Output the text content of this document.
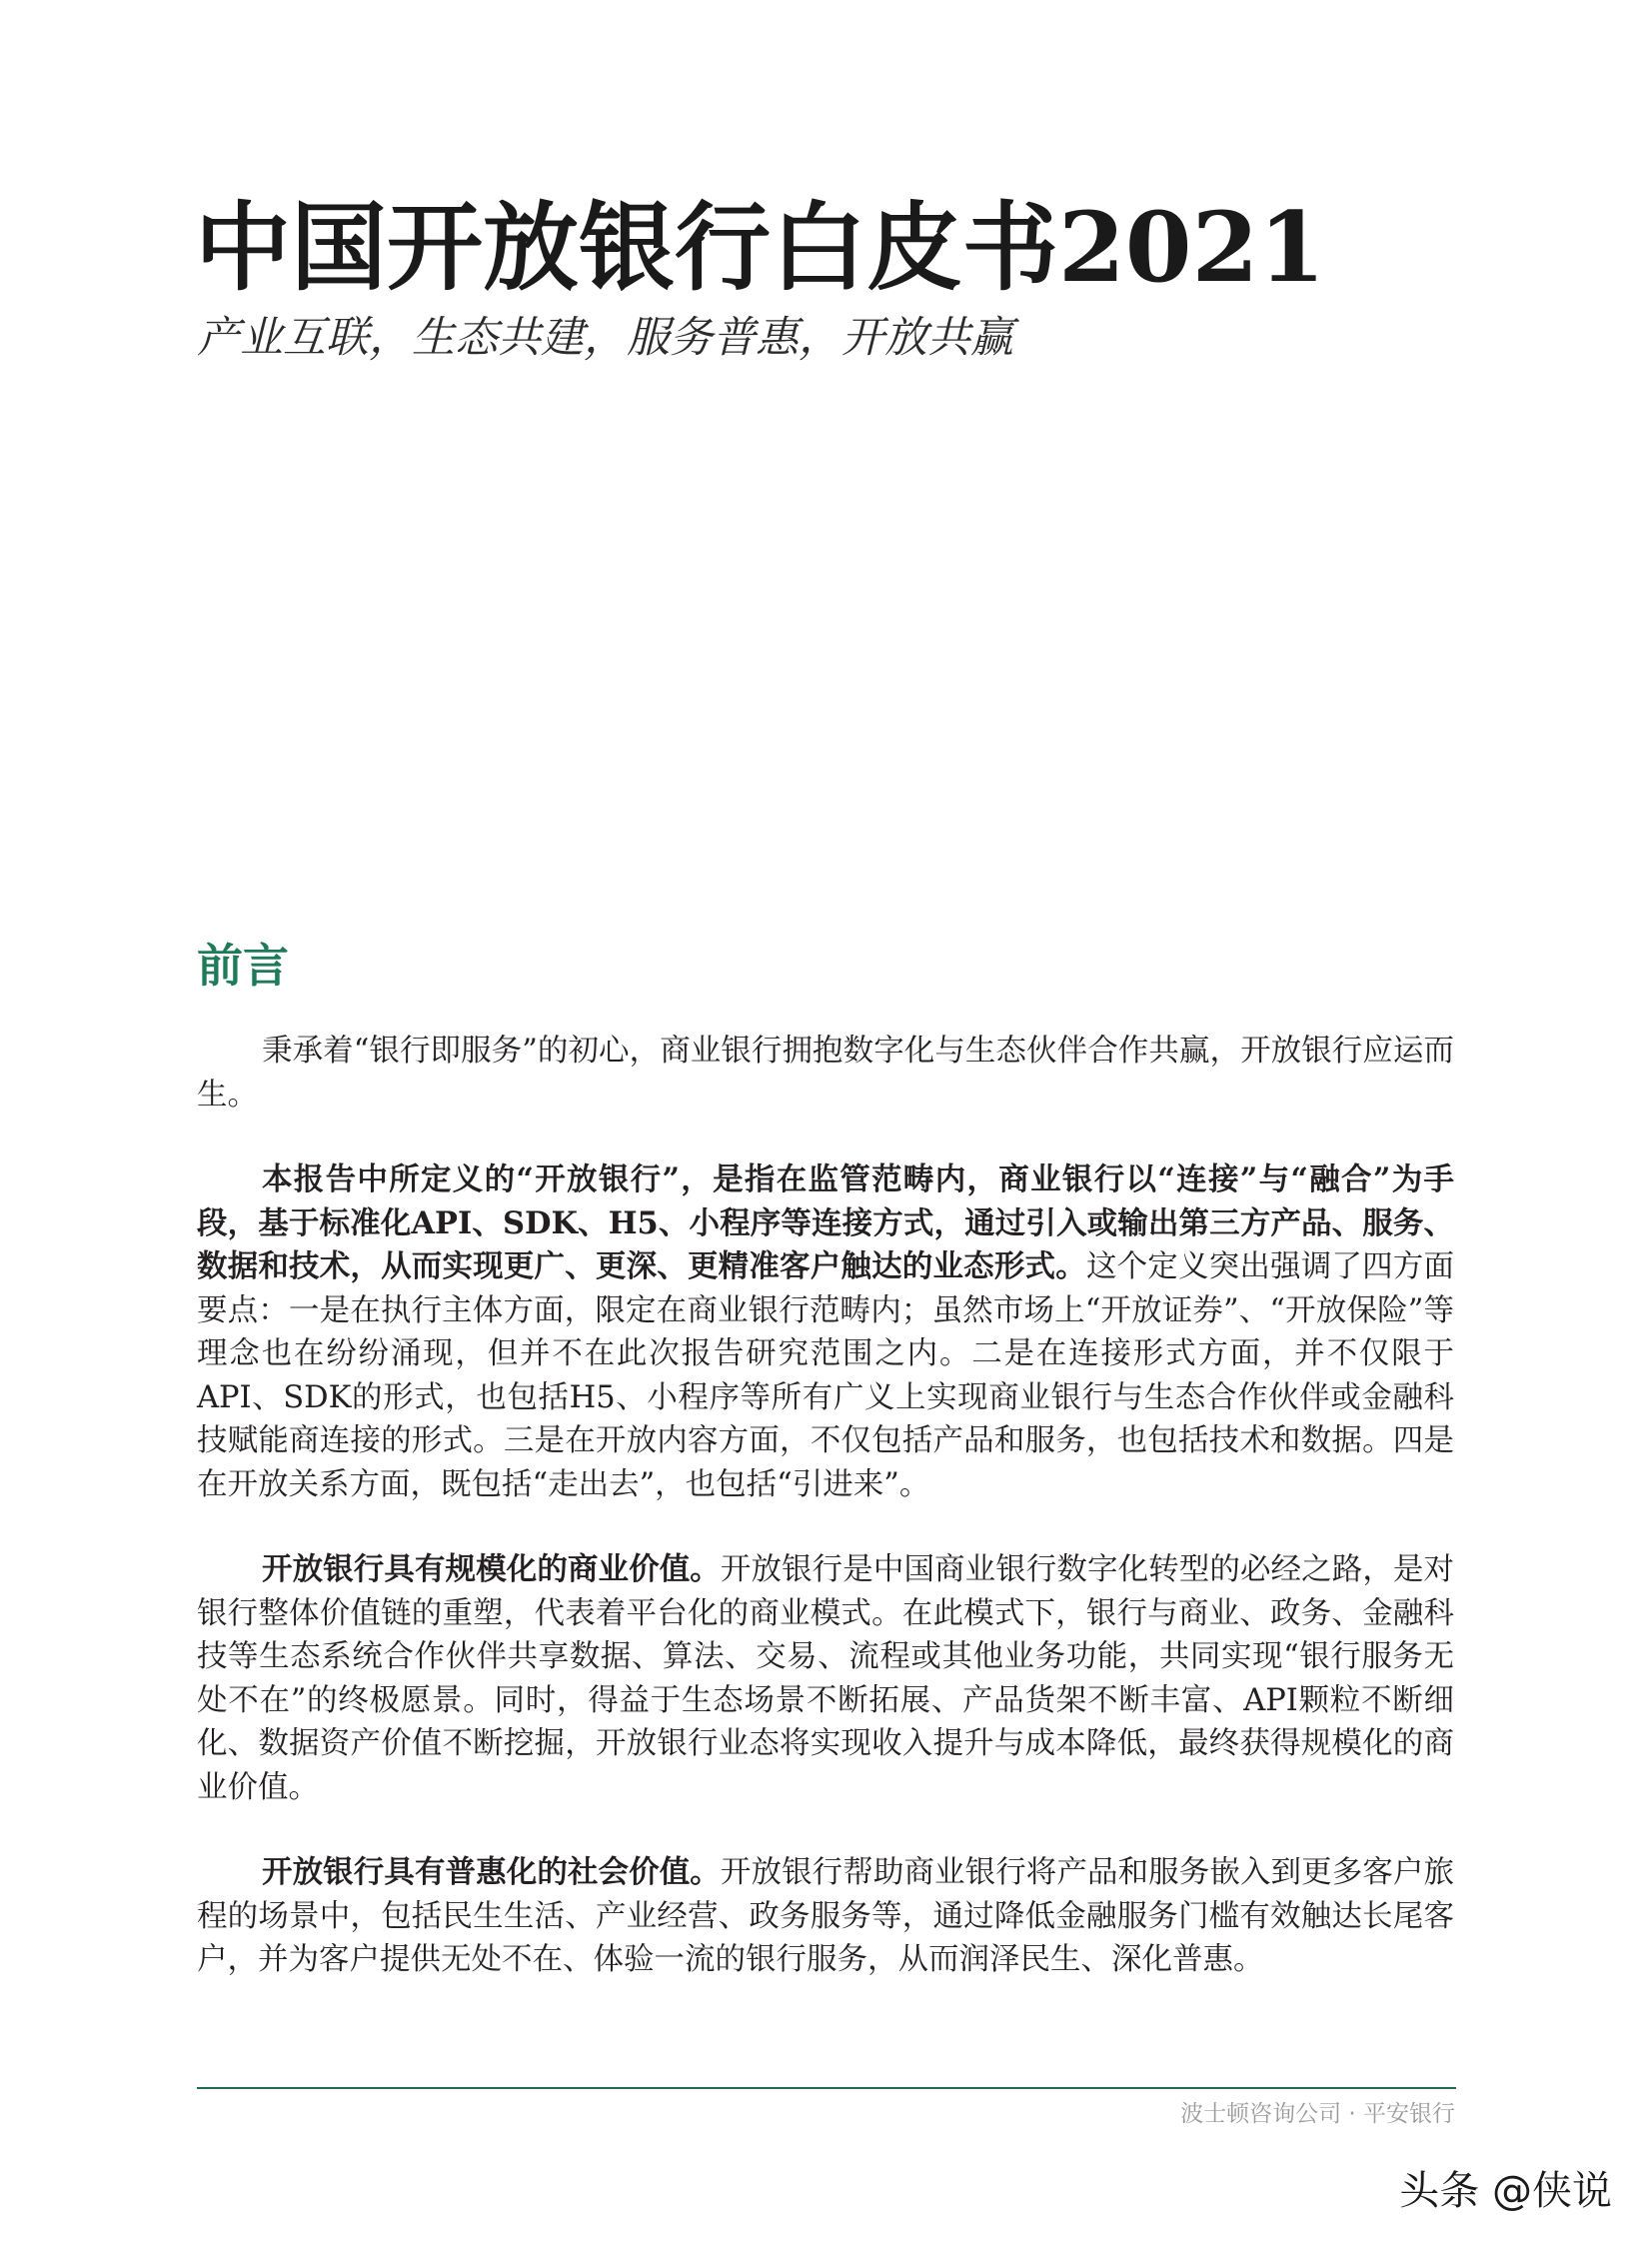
中国开放银行白皮书2021

产业互联，生态共建，服务普惠，开放共赢

前言

秉承着“银行即服务”的初心，商业银行拥抱数字化与生态伙伴合作共赢，开放银行应运而生。

本报告中所定义的“开放银行”，是指在监管范畴内，商业银行以“连接”与“融合”为手段，基于标准化API、SDK、H5、小程序等连接方式，通过引入或输出第三方产品、服务、数据和技术，从而实现更广、更深、更精准客户触达的业态形式。这个定义突出强调了四方面要点：一是在执行主体方面，限定在商业银行范畴内；虽然市场上“开放证券”、“开放保险”等理念也在纷纷涌现，但并不在此次报告研究范围之内。二是在连接形式方面，并不仅限于API、SDK的形式，也包括H5、小程序等所有广义上实现商业银行与生态合作伙伴或金融科技赋能商连接的形式。三是在开放内容方面，不仅包括产品和服务，也包括技术和数据。四是在开放关系方面，既包括“走出去”，也包括“引进来”。

开放银行具有规模化的商业价值。开放银行是中国商业银行数字化转型的必经之路，是对银行整体价值链的重塑，代表着平台化的商业模式。在此模式下，银行与商业、政务、金融科技等生态系统合作伙伴共享数据、算法、交易、流程或其他业务功能，共同实现“银行服务无处不在”的终极愿景。同时，得益于生态场景不断拓展、产品货架不断丰富、API颗粒不断细化、数据资产价值不断挖掘，开放银行业态将实现收入提升与成本降低，最终获得规模化的商业价值。

开放银行具有普惠化的社会价值。开放银行帮助商业银行将产品和服务嵌入到更多客户旅程的场景中，包括民生生活、产业经营、政务服务等，通过降低金融服务门槛有效触达长尾客户，并为客户提供无处不在、体验一流的银行服务，从而润泽民生、深化普惠。

波士顿咨询公司 · 平安银行
头条 @侠说
